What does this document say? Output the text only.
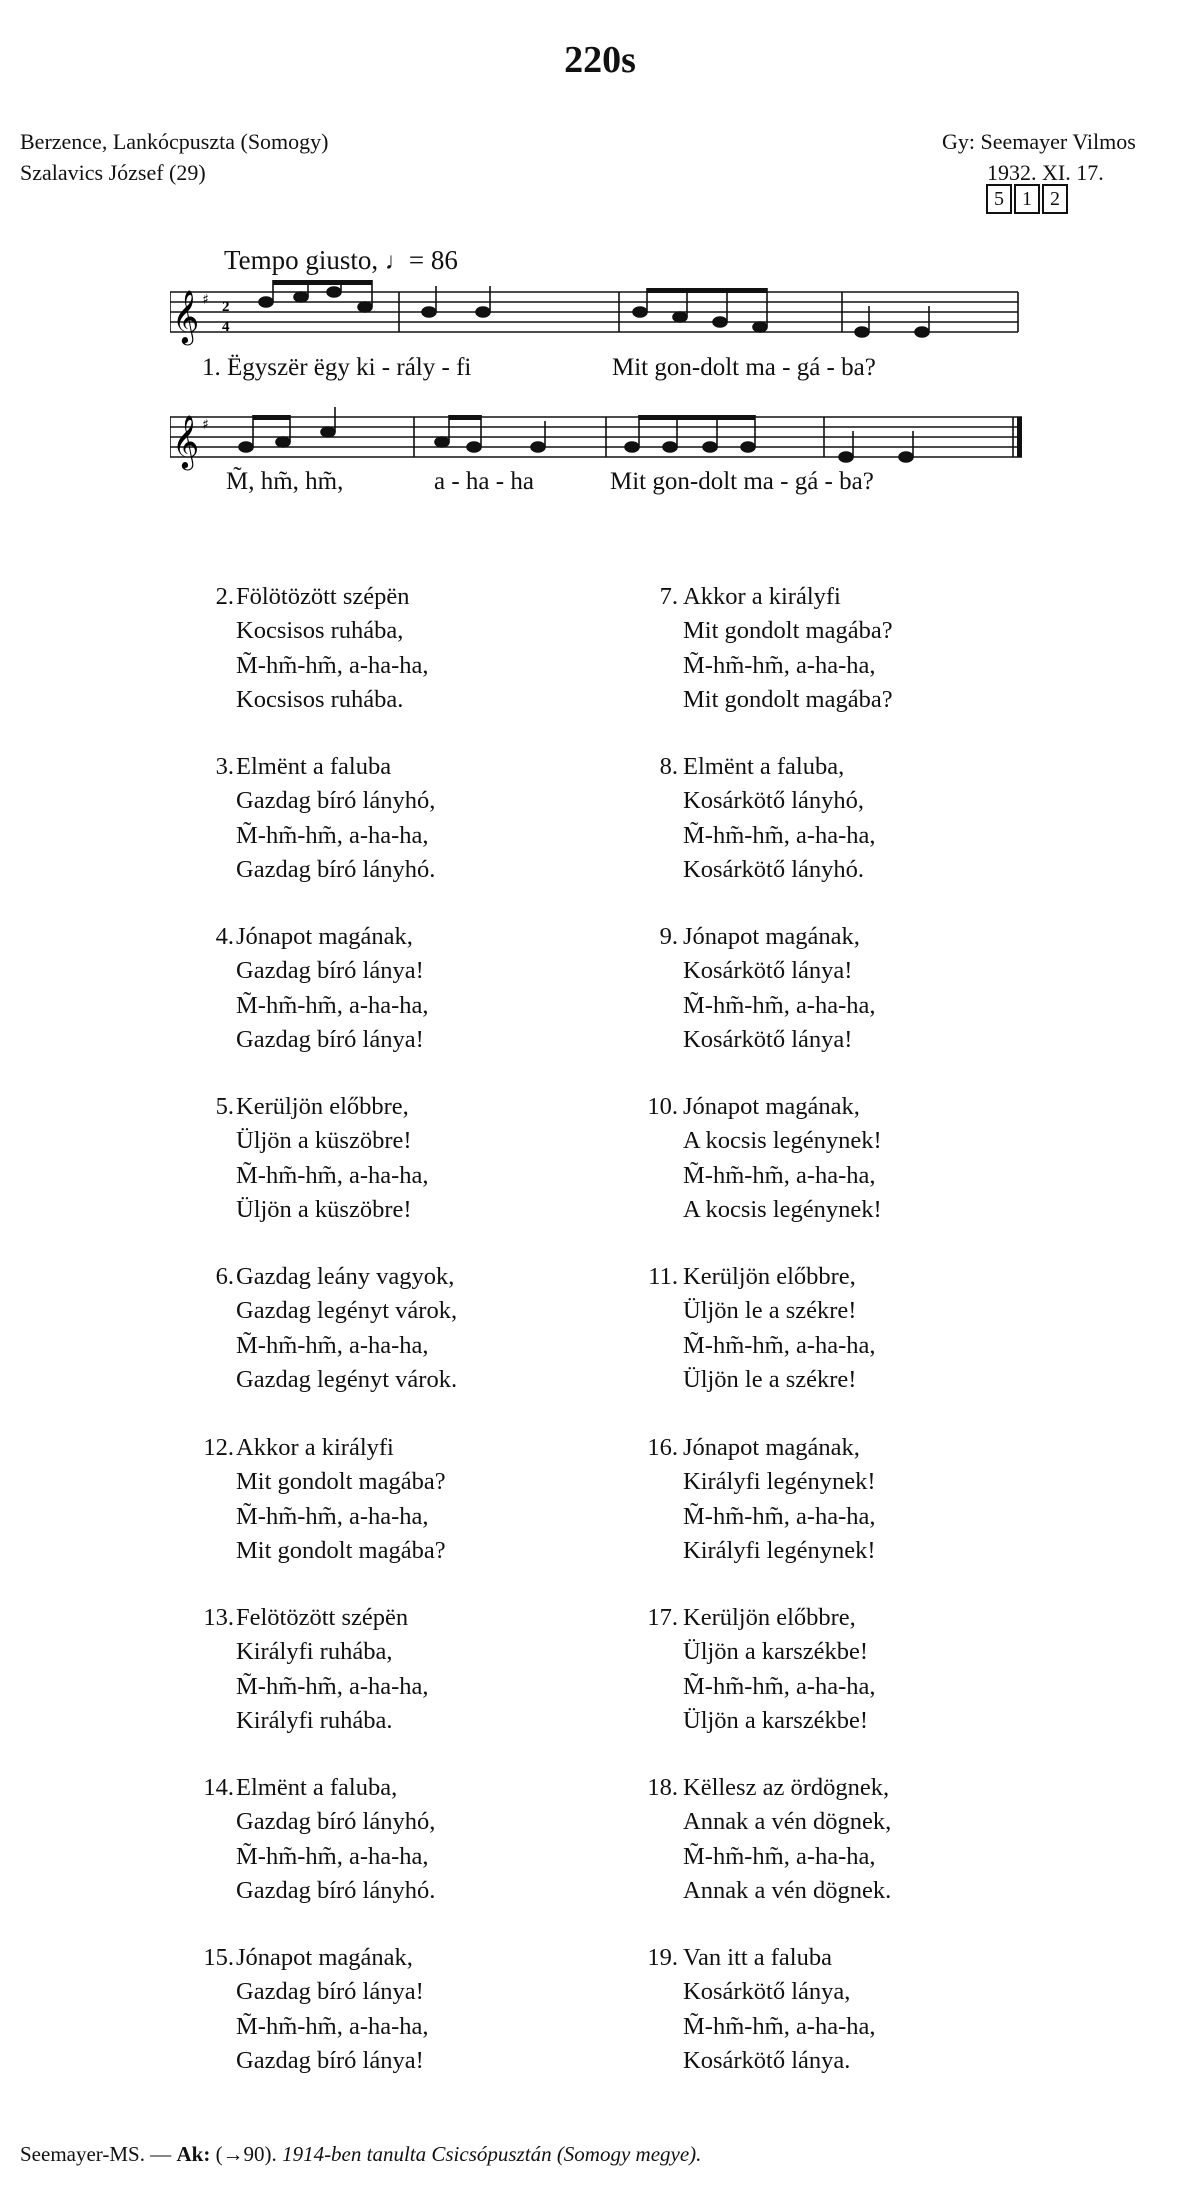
220s
Berzence, Lankócpuszta (Somogy)
Szalavics József (29)
Gy: Seemayer Vilmos
1932. XI. 17.
5 1 2
Tempo giusto, ♩= 86
𝄞 ♯ 2
4
1. Ëgyszër ëgy ki - rály - fi	Mit gon-dolt ma - gá - ba?
𝄞 ♯
M̃, hm̃, hm̃,	a - ha - ha	Mit gon-dolt ma - gá - ba?
2. Fölötözött szépën
Kocsisos ruhába,
M̃-hm̃-hm̃, a-ha-ha,
Kocsisos ruhába.
7. Akkor a királyfi
Mit gondolt magába?
M̃-hm̃-hm̃, a-ha-ha,
Mit gondolt magába?
3. Elmënt a faluba
Gazdag bíró lányhó,
M̃-hm̃-hm̃, a-ha-ha,
Gazdag bíró lányhó.
8. Elmënt a faluba,
Kosárkötő lányhó,
M̃-hm̃-hm̃, a-ha-ha,
Kosárkötő lányhó.
4. Jónapot magának,
Gazdag bíró lánya!
M̃-hm̃-hm̃, a-ha-ha,
Gazdag bíró lánya!
9. Jónapot magának,
Kosárkötő lánya!
M̃-hm̃-hm̃, a-ha-ha,
Kosárkötő lánya!
5. Kerüljön előbbre,
Üljön a küszöbre!
M̃-hm̃-hm̃, a-ha-ha,
Üljön a küszöbre!
10. Jónapot magának,
A kocsis legénynek!
M̃-hm̃-hm̃, a-ha-ha,
A kocsis legénynek!
6. Gazdag leány vagyok,
Gazdag legényt várok,
M̃-hm̃-hm̃, a-ha-ha,
Gazdag legényt várok.
11. Kerüljön előbbre,
Üljön le a székre!
M̃-hm̃-hm̃, a-ha-ha,
Üljön le a székre!
12. Akkor a királyfi
Mit gondolt magába?
M̃-hm̃-hm̃, a-ha-ha,
Mit gondolt magába?
16. Jónapot magának,
Királyfi legénynek!
M̃-hm̃-hm̃, a-ha-ha,
Királyfi legénynek!
13. Felötözött szépën
Királyfi ruhába,
M̃-hm̃-hm̃, a-ha-ha,
Királyfi ruhába.
17. Kerüljön előbbre,
Üljön a karszékbe!
M̃-hm̃-hm̃, a-ha-ha,
Üljön a karszékbe!
14. Elmënt a faluba,
Gazdag bíró lányhó,
M̃-hm̃-hm̃, a-ha-ha,
Gazdag bíró lányhó.
18. Këllesz az ördögnek,
Annak a vén dögnek,
M̃-hm̃-hm̃, a-ha-ha,
Annak a vén dögnek.
15. Jónapot magának,
Gazdag bíró lánya!
M̃-hm̃-hm̃, a-ha-ha,
Gazdag bíró lánya!
19. Van itt a faluba
Kosárkötő lánya,
M̃-hm̃-hm̃, a-ha-ha,
Kosárkötő lánya.
Seemayer-MS. — Ak: (→90). 1914-ben tanulta Csicsópusztán (Somogy megye).
